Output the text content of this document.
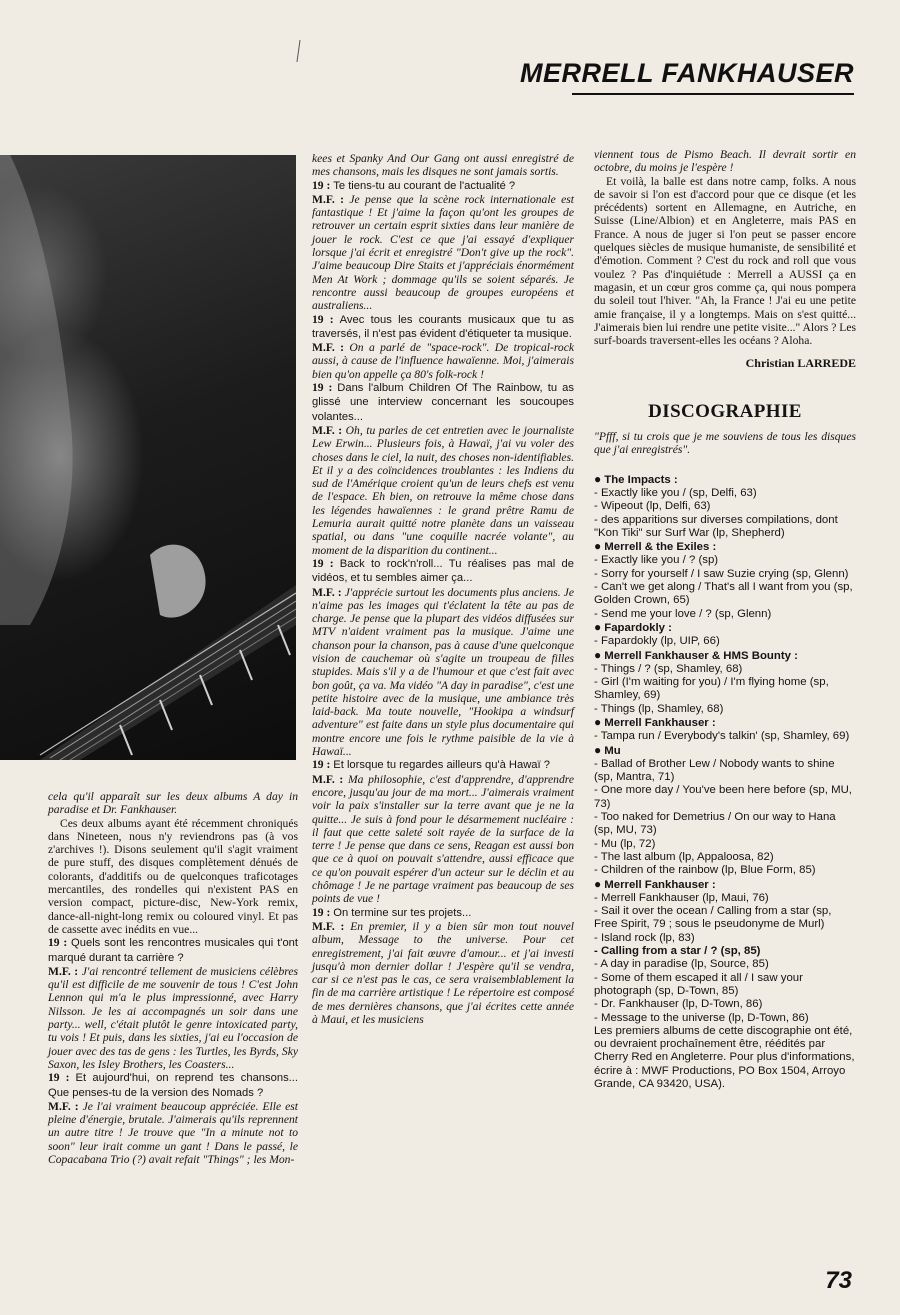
MERRELL FANKHAUSER

cela qu'il apparaît sur les deux albums A day in paradise et Dr. Fankhauser.

Ces deux albums ayant été récemment chroniqués dans Nineteen, nous n'y reviendrons pas (à vos z'archives !). Disons seulement qu'il s'agit vraiment de pure stuff, des disques complètement dénués de colorants, d'additifs ou de quelconques traficotages mercantiles, des rondelles qui n'existent PAS en version compact, picture-disc, New-York remix, dance-all-night-long remix ou coloured vinyl. Et pas de cassette avec inédits en vue...

19 : Quels sont les rencontres musicales qui t'ont marqué durant ta carrière ?

M.F. : J'ai rencontré tellement de musiciens célèbres qu'il est difficile de me souvenir de tous ! C'est John Lennon qui m'a le plus impressionné, avec Harry Nilsson. Je les ai accompagnés un soir dans une party... well, c'était plutôt le genre intoxicated party, tu vois ! Et puis, dans les sixties, j'ai eu l'occasion de jouer avec des tas de gens : les Turtles, les Byrds, Sky Saxon, les Isley Brothers, les Coasters...

19 : Et aujourd'hui, on reprend tes chansons... Que penses-tu de la version des Nomads ?

M.F. : Je l'ai vraiment beaucoup appréciée. Elle est pleine d'énergie, brutale. J'aimerais qu'ils reprennent un autre titre ! Je trouve que "In a minute not to soon" leur irait comme un gant ! Dans le passé, le Copacabana Trio (?) avait refait "Things" ; les Mon-

kees et Spanky And Our Gang ont aussi enregistré de mes chansons, mais les disques ne sont jamais sortis.

19 : Te tiens-tu au courant de l'actualité ?

M.F. : Je pense que la scène rock internationale est fantastique ! Et j'aime la façon qu'ont les groupes de retrouver un certain esprit sixties dans leur manière de jouer le rock. C'est ce que j'ai essayé d'expliquer lorsque j'ai écrit et enregistré "Don't give up the rock". J'aime beaucoup Dire Staits et j'appréciais énormément Men At Work ; dommage qu'ils se soient séparés. Je rencontre aussi beaucoup de groupes européens et australiens...

19 : Avec tous les courants musicaux que tu as traversés, il n'est pas évident d'étiqueter ta musique.

M.F. : On a parlé de "space-rock". De tropical-rock aussi, à cause de l'influence hawaïenne. Moi, j'aimerais bien qu'on appelle ça 80's folk-rock !

19 : Dans l'album Children Of The Rainbow, tu as glissé une interview concernant les soucoupes volantes...

M.F. : Oh, tu parles de cet entretien avec le journaliste Lew Erwin... Plusieurs fois, à Hawaï, j'ai vu voler des choses dans le ciel, la nuit, des choses non-identifiables. Et il y a des coïncidences troublantes : les Indiens du sud de l'Amérique croient qu'un de leurs chefs est venu de l'espace. Eh bien, on retrouve la même chose dans les légendes hawaïennes : le grand prêtre Ramu de Lemuria aurait quitté notre planète dans un vaisseau spatial, ou dans "une coquille nacrée volante", au moment de la disparition du continent...

19 : Back to rock'n'roll... Tu réalises pas mal de vidéos, et tu sembles aimer ça...

M.F. : J'apprécie surtout les documents plus anciens. Je n'aime pas les images qui t'éclatent la tête au pas de charge. Je pense que la plupart des vidéos diffusées sur MTV n'aident vraiment pas la musique. J'aime une chanson pour la chanson, pas à cause d'une quelconque vision de cauchemar où s'agite un troupeau de filles stupides. Mais s'il y a de l'humour et que c'est fait avec bon goût, ça va. Ma vidéo "A day in paradise", c'est une petite histoire avec de la musique, une ambiance très laid-back. Ma toute nouvelle, "Hookipa a windsurf adventure" est faite dans un style plus documentaire qui montre encore une fois le rythme paisible de la vie à Hawaï...

19 : Et lorsque tu regardes ailleurs qu'à Hawaï ?

M.F. : Ma philosophie, c'est d'apprendre, d'apprendre encore, jusqu'au jour de ma mort... J'aimerais vraiment voir la paix s'installer sur la terre avant que je ne la quitte... Je suis à fond pour le désarmement nucléaire : il faut que cette saleté soit rayée de la surface de la terre ! Je pense que dans ce sens, Reagan est aussi bon que ce à quoi on pouvait s'attendre, aussi efficace que ce qu'on pouvait espérer d'un acteur sur le déclin et au chômage ! Je ne partage vraiment pas beaucoup de ses points de vue !

19 : On termine sur tes projets...

M.F. : En premier, il y a bien sûr mon tout nouvel album, Message to the universe. Pour cet enregistrement, j'ai fait œuvre d'amour... et j'ai investi jusqu'à mon dernier dollar ! J'espère qu'il se vendra, car si ce n'est pas le cas, ce sera vraisemblablement la fin de ma carrière artistique ! Le répertoire est composé de mes dernières chansons, que j'ai écrites cette année à Maui, et les musiciens

viennent tous de Pismo Beach. Il devrait sortir en octobre, du moins je l'espère !

Et voilà, la balle est dans notre camp, folks. A nous de savoir si l'on est d'accord pour que ce disque (et les précédents) sortent en Allemagne, en Autriche, en Suisse (Line/Albion) et en Angleterre, mais PAS en France. A nous de juger si l'on peut se passer encore quelques siècles de musique humaniste, de sensibilité et d'émotion. Comment ? C'est du rock and roll que vous voulez ? Pas d'inquiétude : Merrell a AUSSI ça en magasin, et un cœur gros comme ça, qui nous pompera du soleil tout l'hiver. "Ah, la France ! J'ai eu une petite amie française, il y a longtemps. Mais on s'est quitté... J'aimerais bien lui rendre une petite visite..." Alors ? Les surf-boards traversent-elles les océans ? Aloha.

Christian LARREDE

DISCOGRAPHIE

"Pfff, si tu crois que je me souviens de tous les disques que j'ai enregistrés".

● The Impacts :
- Exactly like you / (sp, Delfi, 63)
- Wipeout (lp, Delfi, 63)
- des apparitions sur diverses compilations, dont "Kon Tiki" sur Surf War (lp, Shepherd)
● Merrell & the Exiles :
- Exactly like you / ? (sp)
- Sorry for yourself / I saw Suzie crying (sp, Glenn)
- Can't we get along / That's all I want from you (sp, Golden Crown, 65)
- Send me your love / ? (sp, Glenn)
● Fapardokly :
- Fapardokly (lp, UIP, 66)
● Merrell Fankhauser & HMS Bounty :
- Things / ? (sp, Shamley, 68)
- Girl (I'm waiting for you) / I'm flying home (sp, Shamley, 69)
- Things (lp, Shamley, 68)
● Merrell Fankhauser :
- Tampa run / Everybody's talkin' (sp, Shamley, 69)
● Mu
- Ballad of Brother Lew / Nobody wants to shine (sp, Mantra, 71)
- One more day / You've been here before (sp, MU, 73)
- Too naked for Demetrius / On our way to Hana (sp, MU, 73)
- Mu (lp, 72)
- The last album (lp, Appaloosa, 82)
- Children of the rainbow (lp, Blue Form, 85)
● Merrell Fankhauser :
- Merrell Fankhauser (lp, Maui, 76)
- Sail it over the ocean / Calling from a star (sp, Free Spirit, 79 ; sous le pseudonyme de Murl)
- Island rock (lp, 83)
- Calling from a star / ? (sp, 85)
- A day in paradise (lp, Source, 85)
- Some of them escaped it all / I saw your photograph (sp, D-Town, 85)
- Dr. Fankhauser (lp, D-Town, 86)
- Message to the universe (lp, D-Town, 86)

Les premiers albums de cette discographie ont été, ou devraient prochaînement être, réédités par Cherry Red en Angleterre. Pour plus d'informations, écrire à : MWF Productions, PO Box 1504, Arroyo Grande, CA 93420, USA).

73
